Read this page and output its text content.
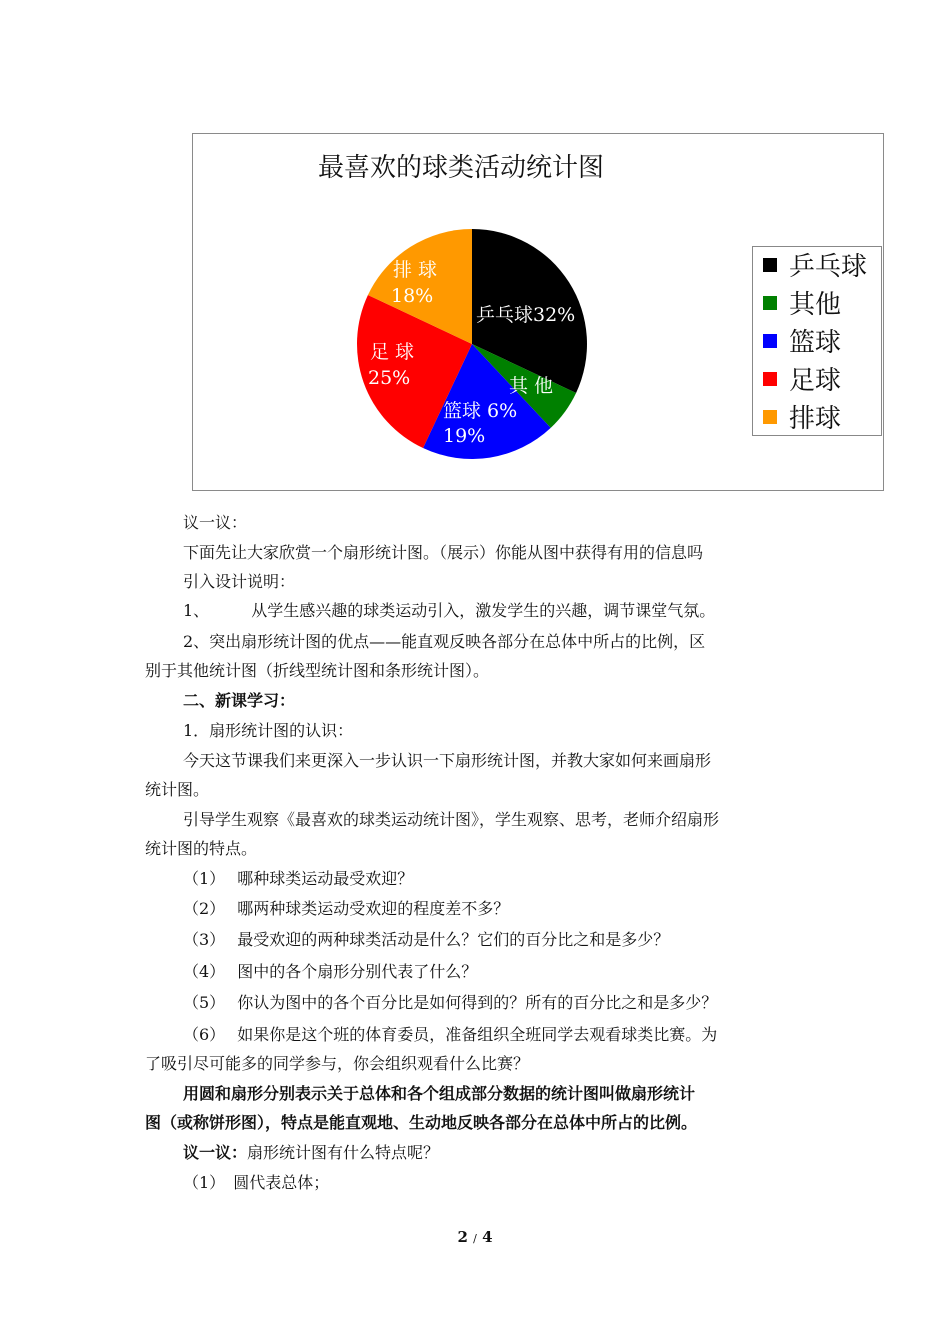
最喜欢的球类活动统计图
乒乓球32%
其 他
篮球 6%
19%
足 球
25%
排 球
18%
乒乓球
其他
篮球
足球
排球
议一议：
下面先让大家欣赏一个扇形统计图。（展示）你能从图中获得有用的信息吗
引入设计说明：
1、	从学生感兴趣的球类运动引入，激发学生的兴趣，调节课堂气氛。
2、突出扇形统计图的优点——能直观反映各部分在总体中所占的比例，区
别于其他统计图（折线型统计图和条形统计图）。
二、新课学习：
1．扇形统计图的认识：
今天这节课我们来更深入一步认识一下扇形统计图，并教大家如何来画扇形
统计图。
引导学生观察《最喜欢的球类运动统计图》，学生观察、思考，老师介绍扇形
统计图的特点。
（1） 哪种球类运动最受欢迎？
（2） 哪两种球类运动受欢迎的程度差不多？
（3） 最受欢迎的两种球类活动是什么？它们的百分比之和是多少？
（4） 图中的各个扇形分别代表了什么？
（5） 你认为图中的各个百分比是如何得到的？所有的百分比之和是多少？
（6） 如果你是这个班的体育委员，准备组织全班同学去观看球类比赛。为
了吸引尽可能多的同学参与，你会组织观看什么比赛？
用圆和扇形分别表示关于总体和各个组成部分数据的统计图叫做扇形统计
图（或称饼形图），特点是能直观地、生动地反映各部分在总体中所占的比例。
议一议：扇形统计图有什么特点呢？
（1） 圆代表总体；
2 / 4
